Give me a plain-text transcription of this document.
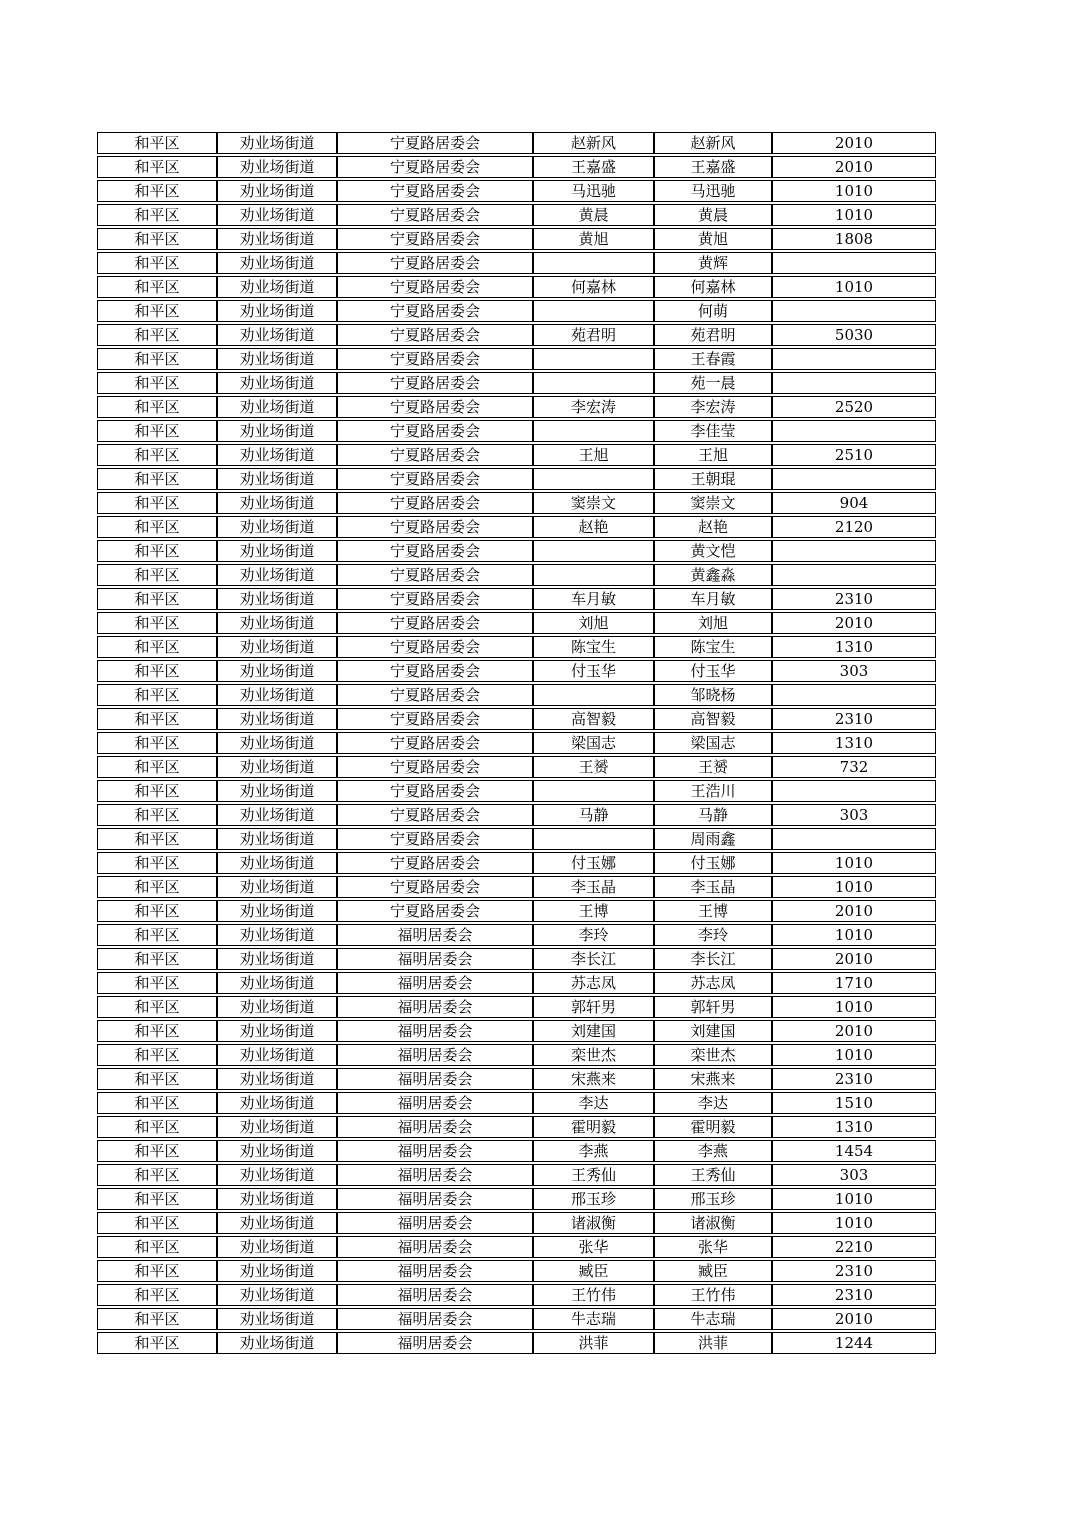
和平区	劝业场街道	宁夏路居委会	赵新风	赵新风	2010
和平区	劝业场街道	宁夏路居委会	王嘉盛	王嘉盛	2010
和平区	劝业场街道	宁夏路居委会	马迅驰	马迅驰	1010
和平区	劝业场街道	宁夏路居委会	黄晨	黄晨	1010
和平区	劝业场街道	宁夏路居委会	黄旭	黄旭	1808
和平区	劝业场街道	宁夏路居委会		黄辉	
和平区	劝业场街道	宁夏路居委会	何嘉林	何嘉林	1010
和平区	劝业场街道	宁夏路居委会		何萌	
和平区	劝业场街道	宁夏路居委会	苑君明	苑君明	5030
和平区	劝业场街道	宁夏路居委会		王春霞	
和平区	劝业场街道	宁夏路居委会		苑一晨	
和平区	劝业场街道	宁夏路居委会	李宏涛	李宏涛	2520
和平区	劝业场街道	宁夏路居委会		李佳莹	
和平区	劝业场街道	宁夏路居委会	王旭	王旭	2510
和平区	劝业场街道	宁夏路居委会		王朝琨	
和平区	劝业场街道	宁夏路居委会	窦崇文	窦崇文	904
和平区	劝业场街道	宁夏路居委会	赵艳	赵艳	2120
和平区	劝业场街道	宁夏路居委会		黄文恺	
和平区	劝业场街道	宁夏路居委会		黄鑫淼	
和平区	劝业场街道	宁夏路居委会	车月敏	车月敏	2310
和平区	劝业场街道	宁夏路居委会	刘旭	刘旭	2010
和平区	劝业场街道	宁夏路居委会	陈宝生	陈宝生	1310
和平区	劝业场街道	宁夏路居委会	付玉华	付玉华	303
和平区	劝业场街道	宁夏路居委会		邹晓杨	
和平区	劝业场街道	宁夏路居委会	高智毅	高智毅	2310
和平区	劝业场街道	宁夏路居委会	梁国志	梁国志	1310
和平区	劝业场街道	宁夏路居委会	王赟	王赟	732
和平区	劝业场街道	宁夏路居委会		王浩川	
和平区	劝业场街道	宁夏路居委会	马静	马静	303
和平区	劝业场街道	宁夏路居委会		周雨鑫	
和平区	劝业场街道	宁夏路居委会	付玉娜	付玉娜	1010
和平区	劝业场街道	宁夏路居委会	李玉晶	李玉晶	1010
和平区	劝业场街道	宁夏路居委会	王博	王博	2010
和平区	劝业场街道	福明居委会	李玲	李玲	1010
和平区	劝业场街道	福明居委会	李长江	李长江	2010
和平区	劝业场街道	福明居委会	苏志凤	苏志凤	1710
和平区	劝业场街道	福明居委会	郭轩男	郭轩男	1010
和平区	劝业场街道	福明居委会	刘建国	刘建国	2010
和平区	劝业场街道	福明居委会	栾世杰	栾世杰	1010
和平区	劝业场街道	福明居委会	宋燕来	宋燕来	2310
和平区	劝业场街道	福明居委会	李达	李达	1510
和平区	劝业场街道	福明居委会	霍明毅	霍明毅	1310
和平区	劝业场街道	福明居委会	李燕	李燕	1454
和平区	劝业场街道	福明居委会	王秀仙	王秀仙	303
和平区	劝业场街道	福明居委会	邢玉珍	邢玉珍	1010
和平区	劝业场街道	福明居委会	诸淑衡	诸淑衡	1010
和平区	劝业场街道	福明居委会	张华	张华	2210
和平区	劝业场街道	福明居委会	臧臣	臧臣	2310
和平区	劝业场街道	福明居委会	王竹伟	王竹伟	2310
和平区	劝业场街道	福明居委会	牛志瑞	牛志瑞	2010
和平区	劝业场街道	福明居委会	洪菲	洪菲	1244
